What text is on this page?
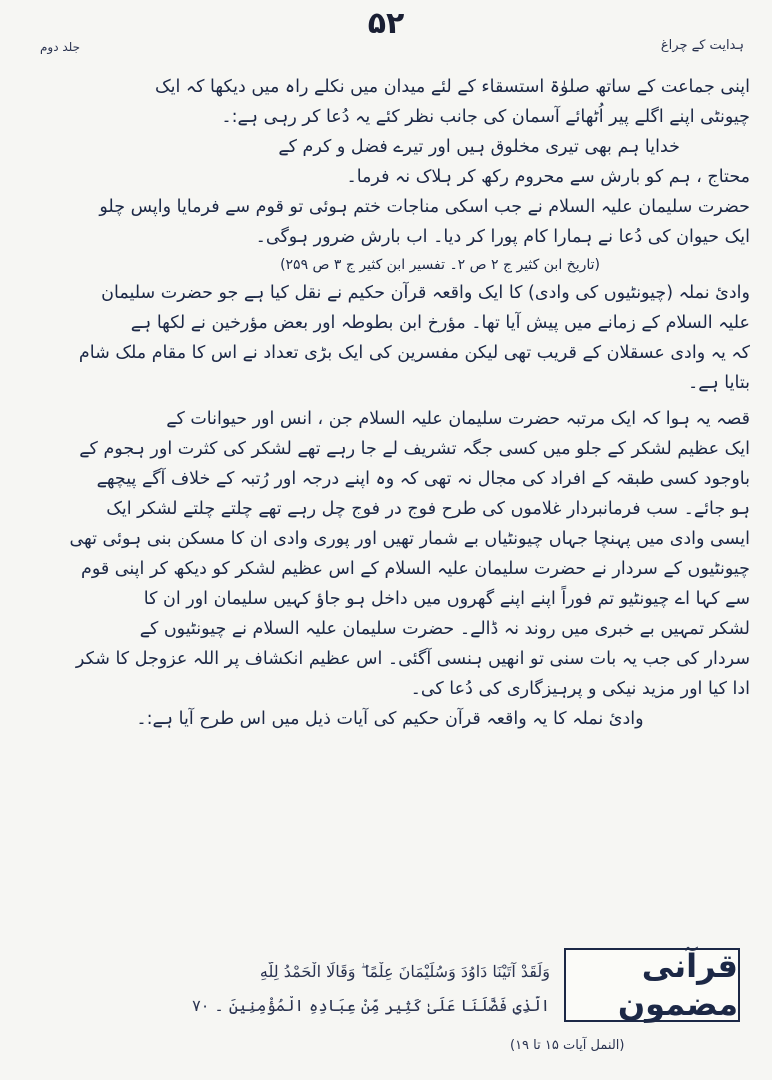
۵۲
ہدایت کے چراغ
جلد دوم
اپنی جماعت کے ساتھ صلوٰۃ استسقاء کے لئے میدان میں نکلے راہ میں دیکھا کہ ایک
چیونٹی اپنے اگلے پیر اُٹھائے آسمان کی جانب نظر کئے یہ دُعا کر رہی ہے:۔
خدایا ہم بھی تیری مخلوق ہیں اور تیرے فضل و کرم کے
محتاج ، ہم کو بارش سے محروم رکھ کر ہلاک نہ فرما۔
حضرت سلیمان علیہ السلام نے جب اسکی مناجات ختم ہوئی تو قوم سے فرمایا واپس چلو
ایک حیوان کی دُعا نے ہمارا کام پورا کر دیا۔ اب بارش ضرور ہوگی۔
(تاریخ ابن کثیر ج ۲ ص ۲۔ تفسیر ابن کثیر ج ۳ ص ۲۵۹)
وادیٔ نملہ (چیونٹیوں کی وادی) کا ایک واقعہ قرآن حکیم نے نقل کیا ہے جو حضرت سلیمان
علیہ السلام کے زمانے میں پیش آیا تھا۔ مؤرخ ابن بطوطہ اور بعض مؤرخین نے لکھا ہے
کہ یہ وادی عسقلان کے قریب تھی لیکن مفسرین کی ایک بڑی تعداد نے اس کا مقام ملک شام
بتایا ہے۔
قصہ یہ ہوا کہ ایک مرتبہ حضرت سلیمان علیہ السلام جن ، انس اور حیوانات کے
ایک عظیم لشکر کے جلو میں کسی جگہ تشریف لے جا رہے تھے لشکر کی کثرت اور ہجوم کے
باوجود کسی طبقہ کے افراد کی مجال نہ تھی کہ وہ اپنے درجہ اور رُتبہ کے خلاف آگے پیچھے
ہو جائے۔ سب فرمانبردار غلاموں کی طرح فوج در فوج چل رہے تھے چلتے چلتے لشکر ایک
ایسی وادی میں پہنچا جہاں چیونٹیاں بے شمار تھیں اور پوری وادی ان کا مسکن بنی ہوئی تھی
چیونٹیوں کے سردار نے حضرت سلیمان علیہ السلام کے اس عظیم لشکر کو دیکھ کر اپنی قوم
سے کہا اے چیونٹیو تم فوراً اپنے اپنے گھروں میں داخل ہو جاؤ کہیں سلیمان اور ان کا
لشکر تمہیں بے خبری میں روند نہ ڈالے۔ حضرت سلیمان علیہ السلام نے چیونٹیوں کے
سردار کی جب یہ بات سنی تو انھیں ہنسی آگئی۔ اس عظیم انکشاف پر اللہ عزوجل کا شکر
ادا کیا اور مزید نیکی و پرہیزگاری کی دُعا کی۔
وادیٔ نملہ کا یہ واقعہ قرآن حکیم کی آیات ذیل میں اس طرح آیا ہے:۔
قرآنی مضمون
وَلَقَدْ آتَيْنَا دَاوُدَ وَسُلَيْمَانَ عِلْمًا ۖ وَقَالَا الْحَمْدُ لِلَّهِ
الَّذِي فَضَّلَنَا عَلَىٰ كَثِيرٍ مِّنْ عِبَادِهِ الْمُؤْمِنِينَ ۔ ٧٠
(النمل آیات ۱۵ تا ۱۹)
